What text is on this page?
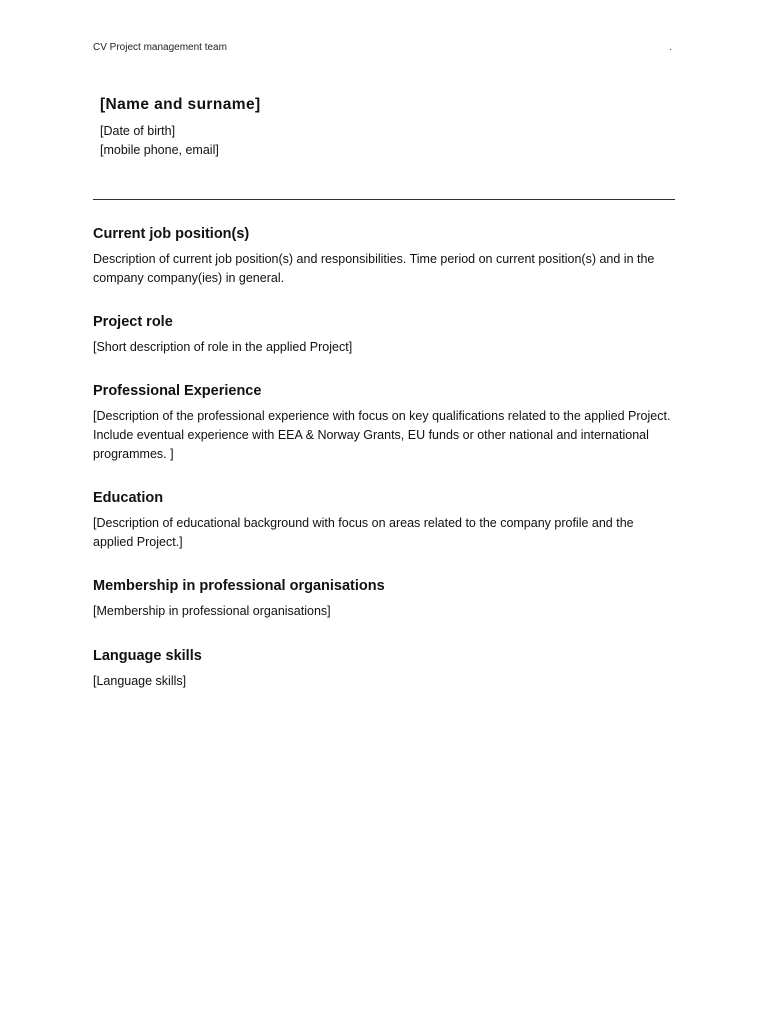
CV Project management team	.
[Name and surname]
[Date of birth]
[mobile phone, email]
Current job position(s)

Description of current job position(s) and responsibilities. Time period on current position(s) and in the company company(ies) in general.

Project role

[Short description of role in the applied Project]

Professional Experience

[Description of the professional experience with focus on key qualifications related to the applied Project. Include eventual experience with EEA & Norway Grants, EU funds or other national and international programmes. ]

Education

[Description of educational background with focus on areas related to the company profile and the applied Project.]

Membership in professional organisations

[Membership in professional organisations]

Language skills

[Language skills]
